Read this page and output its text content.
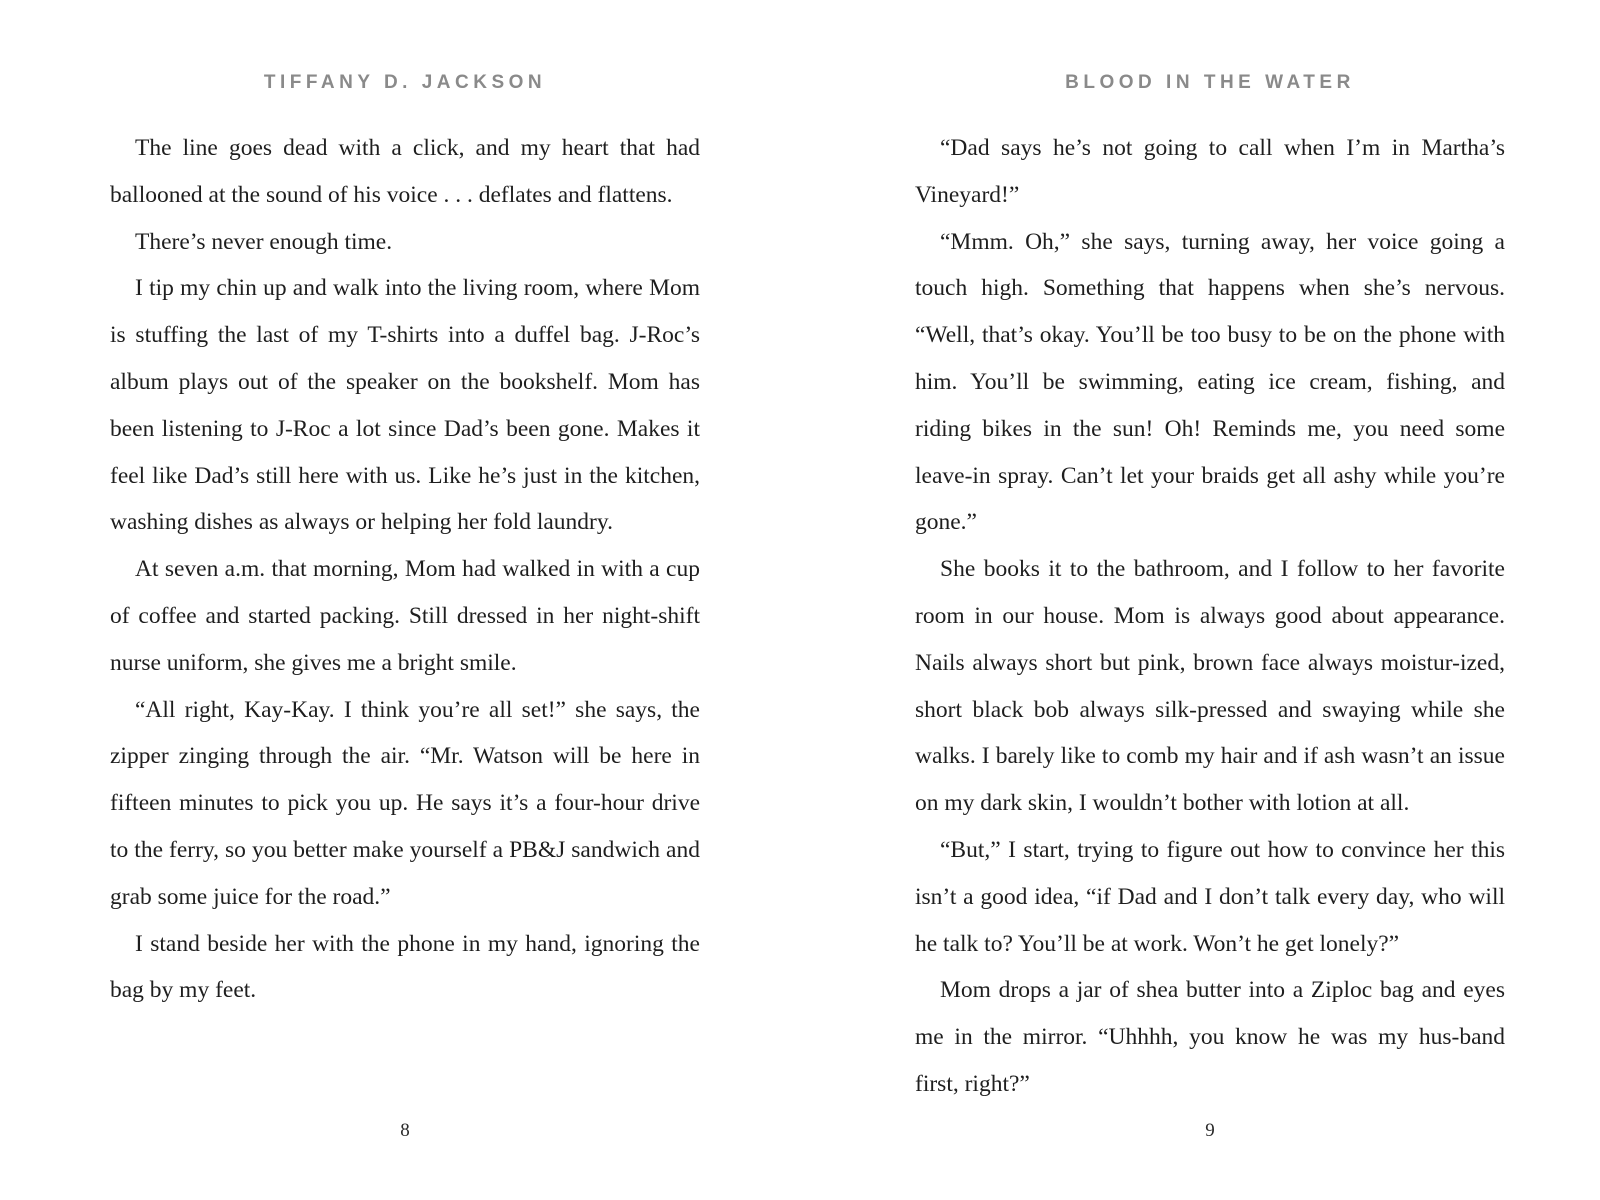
TIFFANY D. JACKSON

The line goes dead with a click, and my heart that had ballooned at the sound of his voice . . . deflates and flattens.

There’s never enough time.

I tip my chin up and walk into the living room, where Mom is stuffing the last of my T-shirts into a duffel bag. J-Roc’s album plays out of the speaker on the bookshelf. Mom has been listening to J-Roc a lot since Dad’s been gone. Makes it feel like Dad’s still here with us. Like he’s just in the kitchen, washing dishes as always or helping her fold laundry.

At seven a.m. that morning, Mom had walked in with a cup of coffee and started packing. Still dressed in her night-shift nurse uniform, she gives me a bright smile.

“All right, Kay-Kay. I think you’re all set!” she says, the zipper zinging through the air. “Mr. Watson will be here in fifteen minutes to pick you up. He says it’s a four-hour drive to the ferry, so you better make yourself a PB&J sandwich and grab some juice for the road.”

I stand beside her with the phone in my hand, ignoring the bag by my feet.

8
BLOOD IN THE WATER

“Dad says he’s not going to call when I’m in Martha’s Vineyard!”

“Mmm. Oh,” she says, turning away, her voice going a touch high. Something that happens when she’s nervous. “Well, that’s okay. You’ll be too busy to be on the phone with him. You’ll be swimming, eating ice cream, fishing, and riding bikes in the sun! Oh! Reminds me, you need some leave-in spray. Can’t let your braids get all ashy while you’re gone.”

She books it to the bathroom, and I follow to her favorite room in our house. Mom is always good about appearance. Nails always short but pink, brown face always moistur-ized, short black bob always silk-pressed and swaying while she walks. I barely like to comb my hair and if ash wasn’t an issue on my dark skin, I wouldn’t bother with lotion at all.

“But,” I start, trying to figure out how to convince her this isn’t a good idea, “if Dad and I don’t talk every day, who will he talk to? You’ll be at work. Won’t he get lonely?”

Mom drops a jar of shea butter into a Ziploc bag and eyes me in the mirror. “Uhhhh, you know he was my hus-band first, right?”

9
